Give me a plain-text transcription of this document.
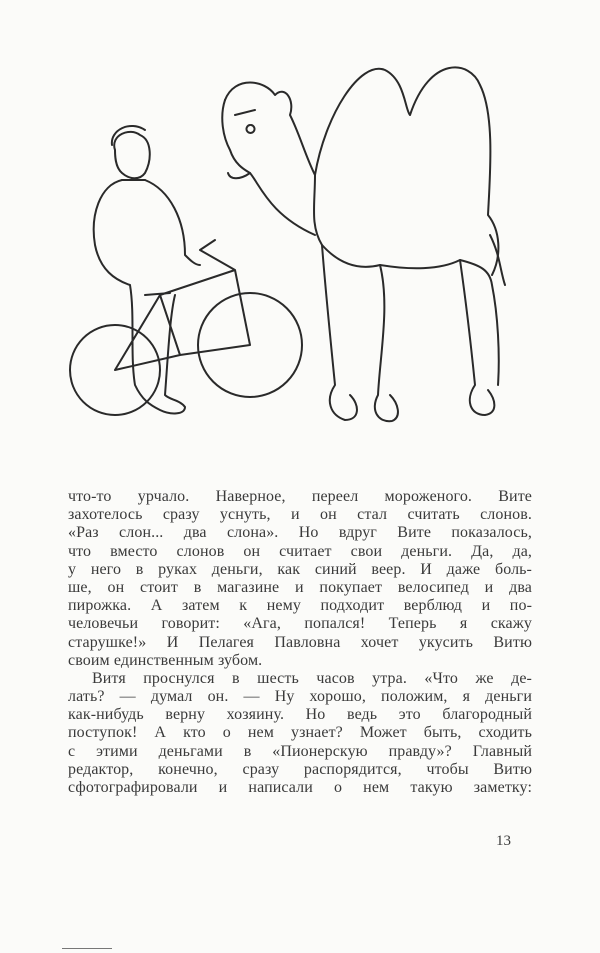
что-то урчало. Наверное, переел мороженого. Вите
захотелось сразу уснуть, и он стал считать слонов.
«Раз слон... два слона». Но вдруг Вите показалось,
что вместо слонов он считает свои деньги. Да, да,
у него в руках деньги, как синий веер. И даже боль-
ше, он стоит в магазине и покупает велосипед и два
пирожка. А затем к нему подходит верблюд и по-
человечьи говорит: «Ага, попался! Теперь я скажу
старушке!» И Пелагея Павловна хочет укусить Витю
своим единственным зубом.
Витя проснулся в шесть часов утра. «Что же де-
лать? — думал он. — Ну хорошо, положим, я деньги
как-нибудь верну хозяину. Но ведь это благородный
поступок! А кто о нем узнает? Может быть, сходить
с этими деньгами в «Пионерскую правду»? Главный
редактор, конечно, сразу распорядится, чтобы Витю
сфотографировали и написали о нем такую заметку:
13
